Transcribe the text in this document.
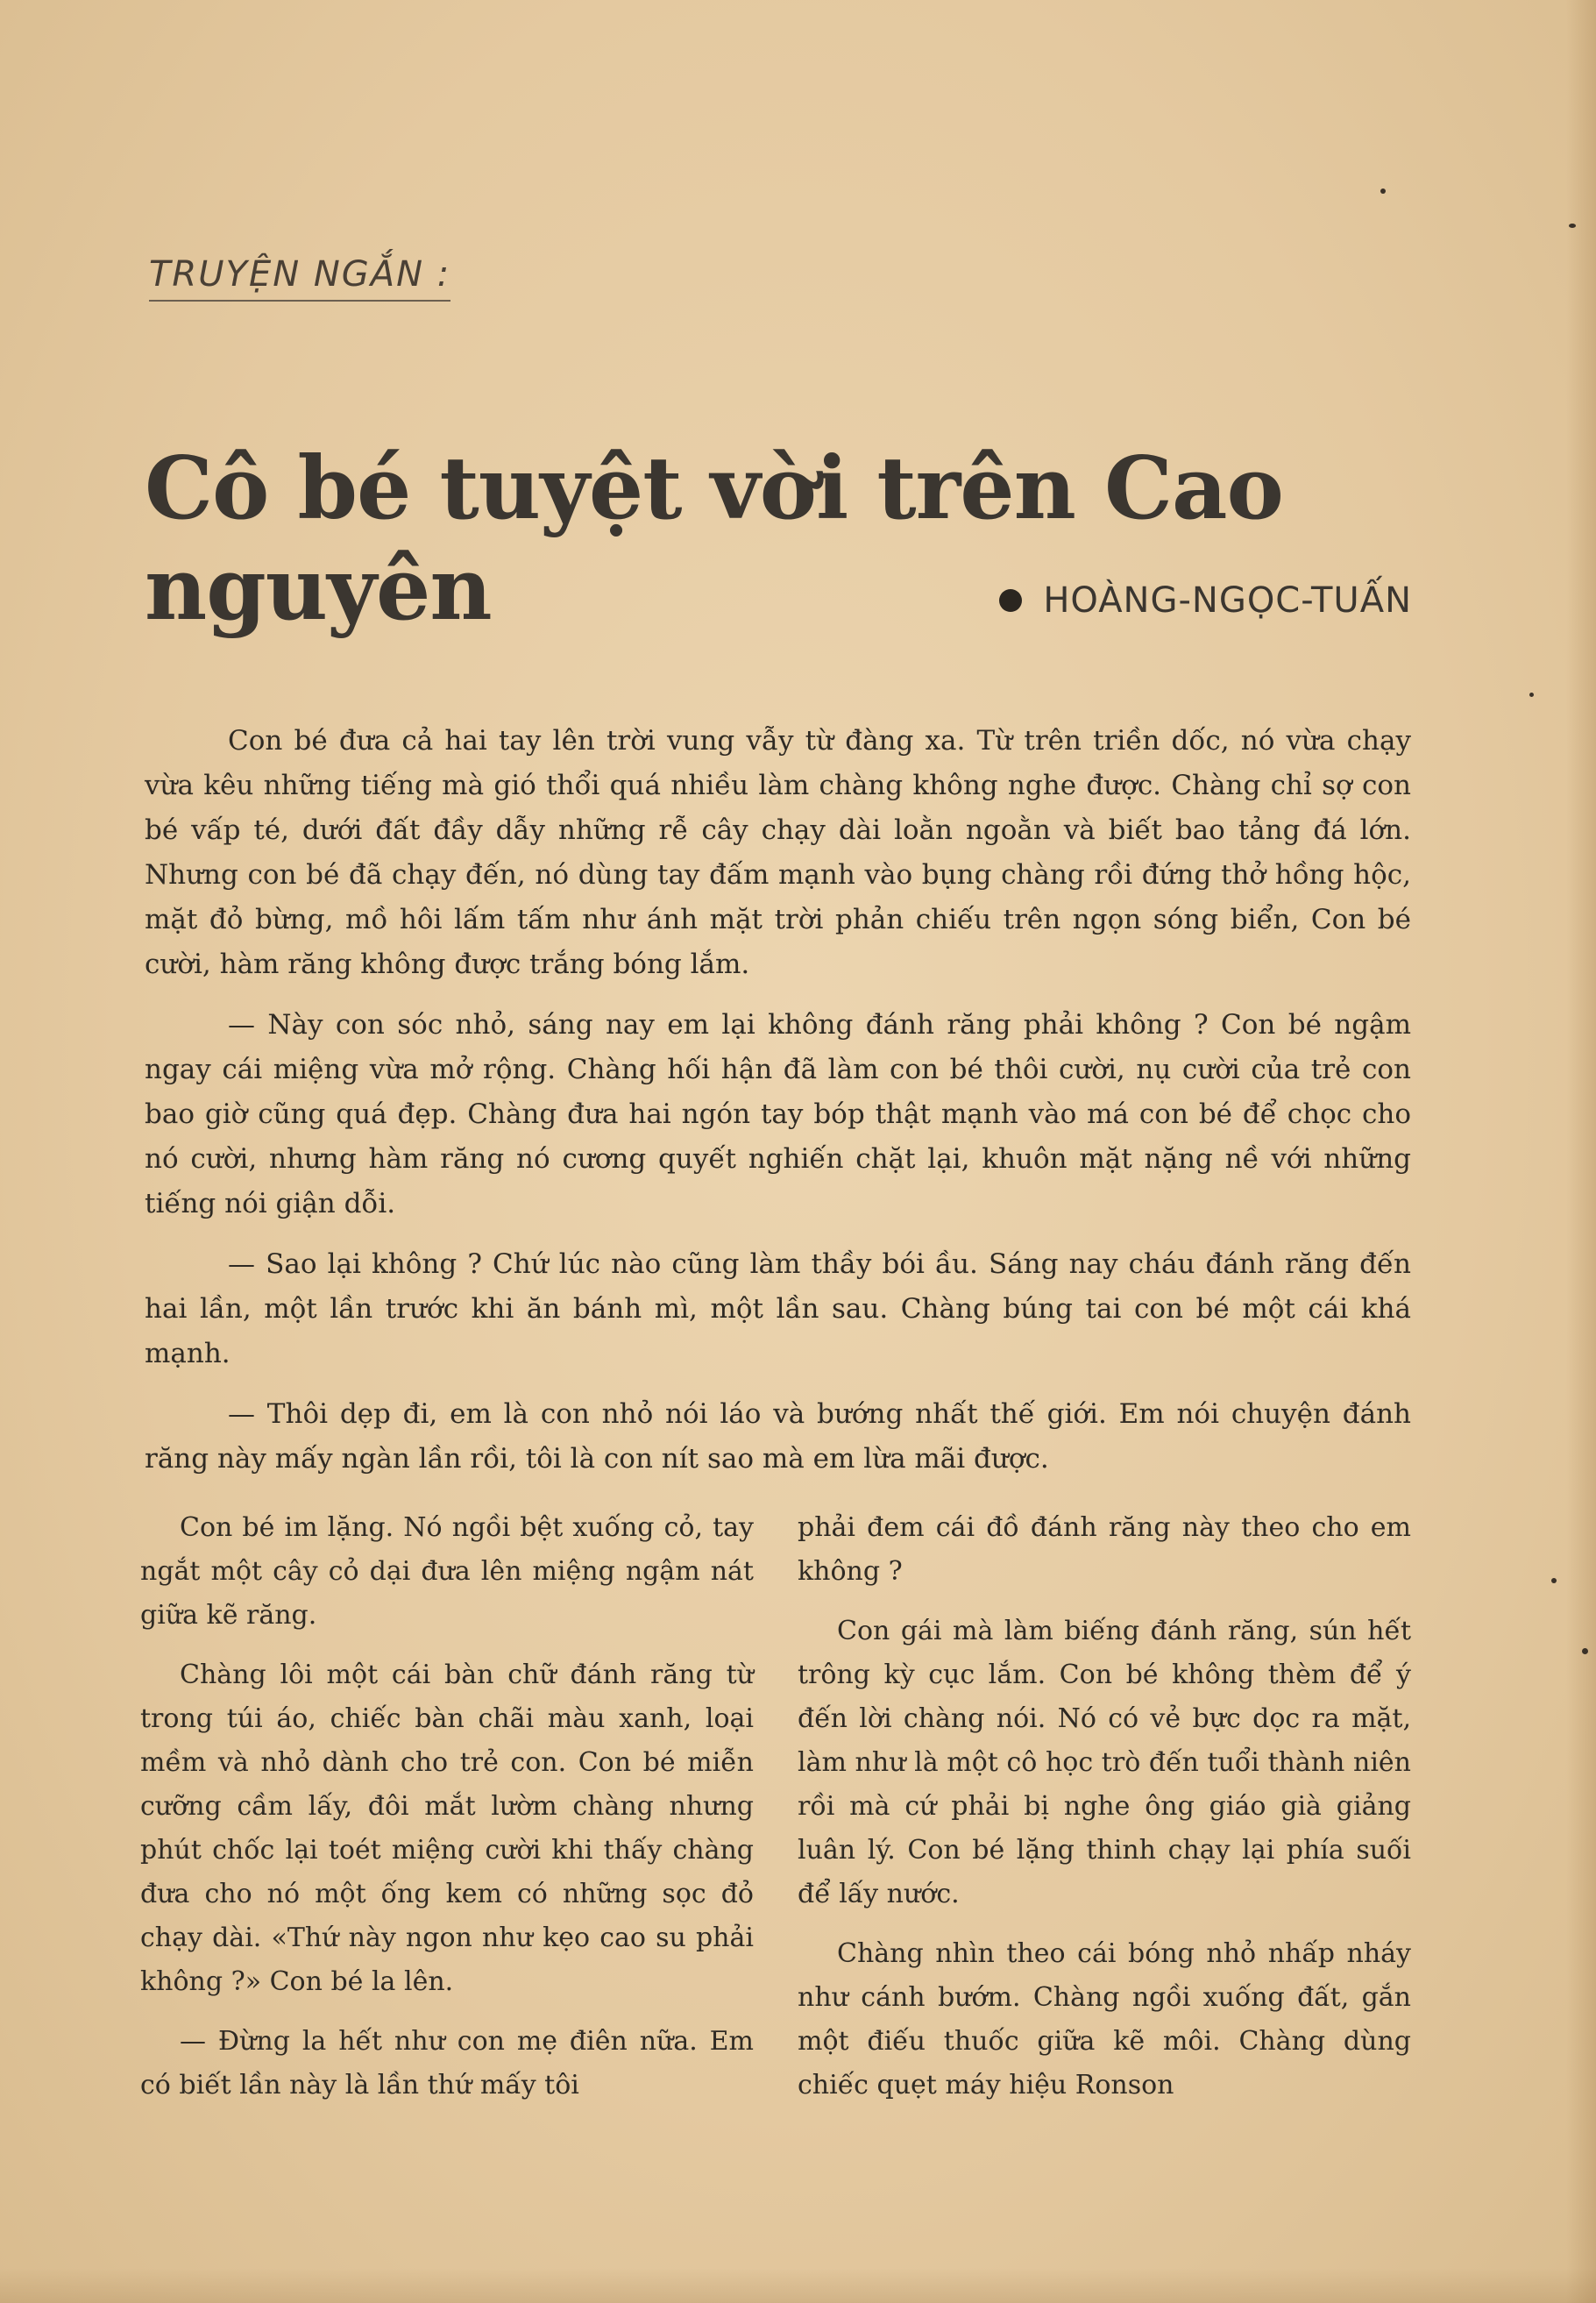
TRUYỆN NGẮN :
Cô bé tuyệt vời trên Cao nguyên	HOÀNG-NGỌC-TUẤN

Con bé đưa cả hai tay lên trời vung vẫy từ đàng xa. Từ trên triền dốc, nó vừa chạy vừa kêu những tiếng mà gió thổi quá nhiều làm chàng không nghe được. Chàng chỉ sợ con bé vấp té, dưới đất đầy dẫy những rễ cây chạy dài loằn ngoằn và biết bao tảng đá lớn. Nhưng con bé đã chạy đến, nó dùng tay đấm mạnh vào bụng chàng rồi đứng thở hồng hộc, mặt đỏ bừng, mồ hôi lấm tấm như ánh mặt trời phản chiếu trên ngọn sóng biển, Con bé cười, hàm răng không được trắng bóng lắm.

— Này con sóc nhỏ, sáng nay em lại không đánh răng phải không ? Con bé ngậm ngay cái miệng vừa mở rộng. Chàng hối hận đã làm con bé thôi cười, nụ cười của trẻ con bao giờ cũng quá đẹp. Chàng đưa hai ngón tay bóp thật mạnh vào má con bé để chọc cho nó cười, nhưng hàm răng nó cương quyết nghiến chặt lại, khuôn mặt nặng nề với những tiếng nói giận dỗi.

— Sao lại không ? Chứ lúc nào cũng làm thầy bói ầu. Sáng nay cháu đánh răng đến hai lần, một lần trước khi ăn bánh mì, một lần sau. Chàng búng tai con bé một cái khá mạnh.

— Thôi dẹp đi, em là con nhỏ nói láo và bướng nhất thế giới. Em nói chuyện đánh răng này mấy ngàn lần rồi, tôi là con nít sao mà em lừa mãi được.

Con bé im lặng. Nó ngồi bệt xuống cỏ, tay ngắt một cây cỏ dại đưa lên miệng ngậm nát giữa kẽ răng.

Chàng lôi một cái bàn chữ đánh răng từ trong túi áo, chiếc bàn chãi màu xanh, loại mềm và nhỏ dành cho trẻ con. Con bé miễn cưỡng cầm lấy, đôi mắt lườm chàng nhưng phút chốc lại toét miệng cười khi thấy chàng đưa cho nó một ống kem có những sọc đỏ chạy dài. «Thứ này ngon như kẹo cao su phải không ?» Con bé la lên.

— Đừng la hết như con mẹ điên nữa. Em có biết lần này là lần thứ mấy tôi

phải đem cái đồ đánh răng này theo cho em không ?

Con gái mà làm biếng đánh răng, sún hết trông kỳ cục lắm. Con bé không thèm để ý đến lời chàng nói. Nó có vẻ bực dọc ra mặt, làm như là một cô học trò đến tuổi thành niên rồi mà cứ phải bị nghe ông giáo già giảng luân lý. Con bé lặng thinh chạy lại phía suối để lấy nước.

Chàng nhìn theo cái bóng nhỏ nhấp nháy như cánh bướm. Chàng ngồi xuống đất, gắn một điếu thuốc giữa kẽ môi. Chàng dùng chiếc quẹt máy hiệu Ronson
